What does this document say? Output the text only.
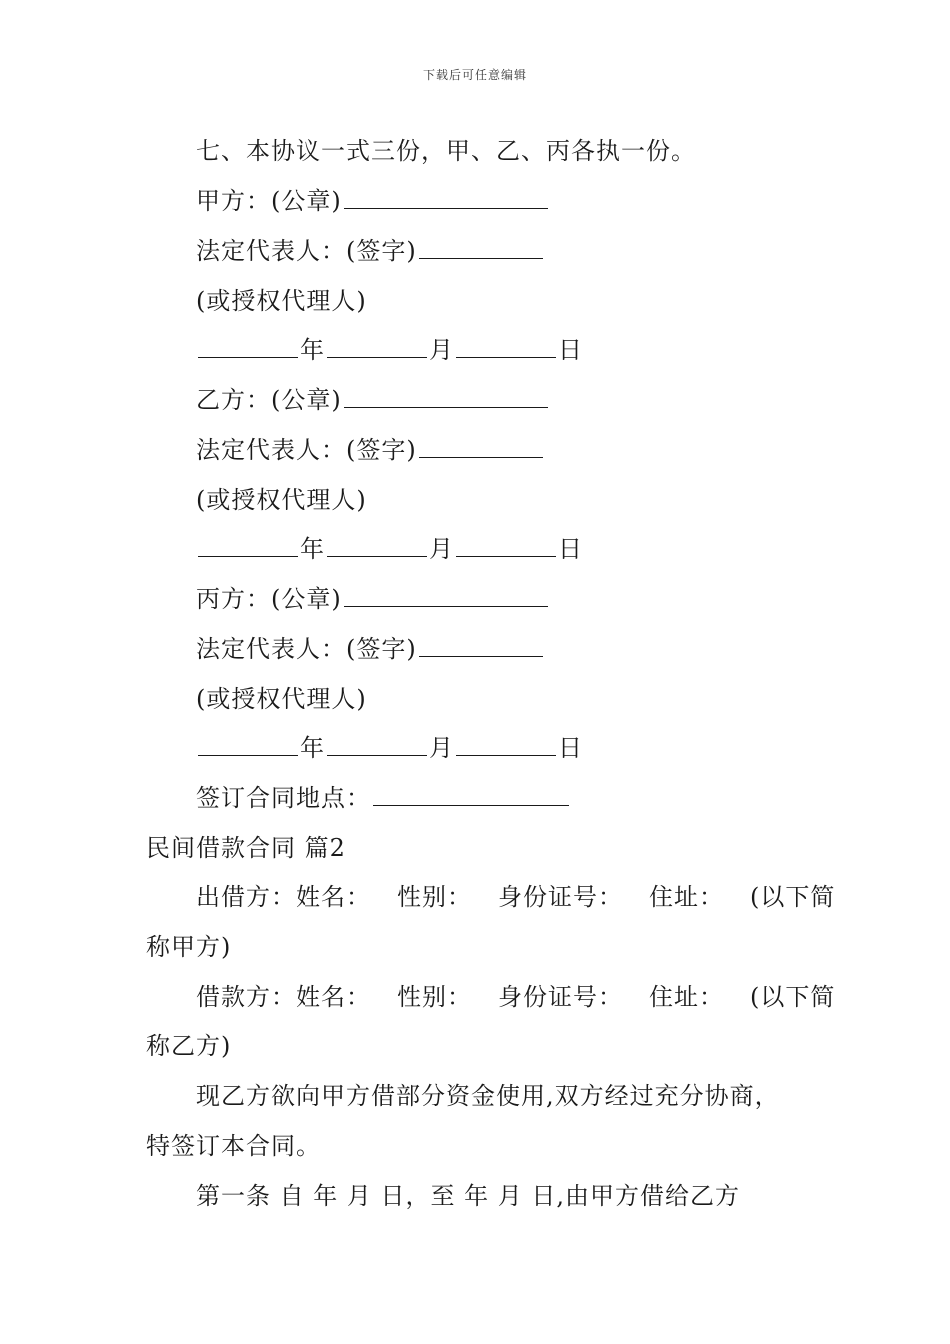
下载后可任意编辑
七、本协议一式三份，甲、乙、丙各执一份。
甲方：(公章)
法定代表人：(签字)
(或授权代理人)
年	月	日
乙方：(公章)
法定代表人：(签字)
(或授权代理人)
年	月	日
丙方：(公章)
法定代表人：(签字)
(或授权代理人)
年	月	日
签订合同地点：
民间借款合同 篇2
出借方：姓名： 性别： 身份证号： 住址： (以下简
称甲方)
借款方：姓名： 性别： 身份证号： 住址： (以下简
称乙方)
现乙方欲向甲方借部分资金使用,双方经过充分协商，
特签订本合同。
第一条 自 年 月 日，至 年 月 日,由甲方借给乙方
